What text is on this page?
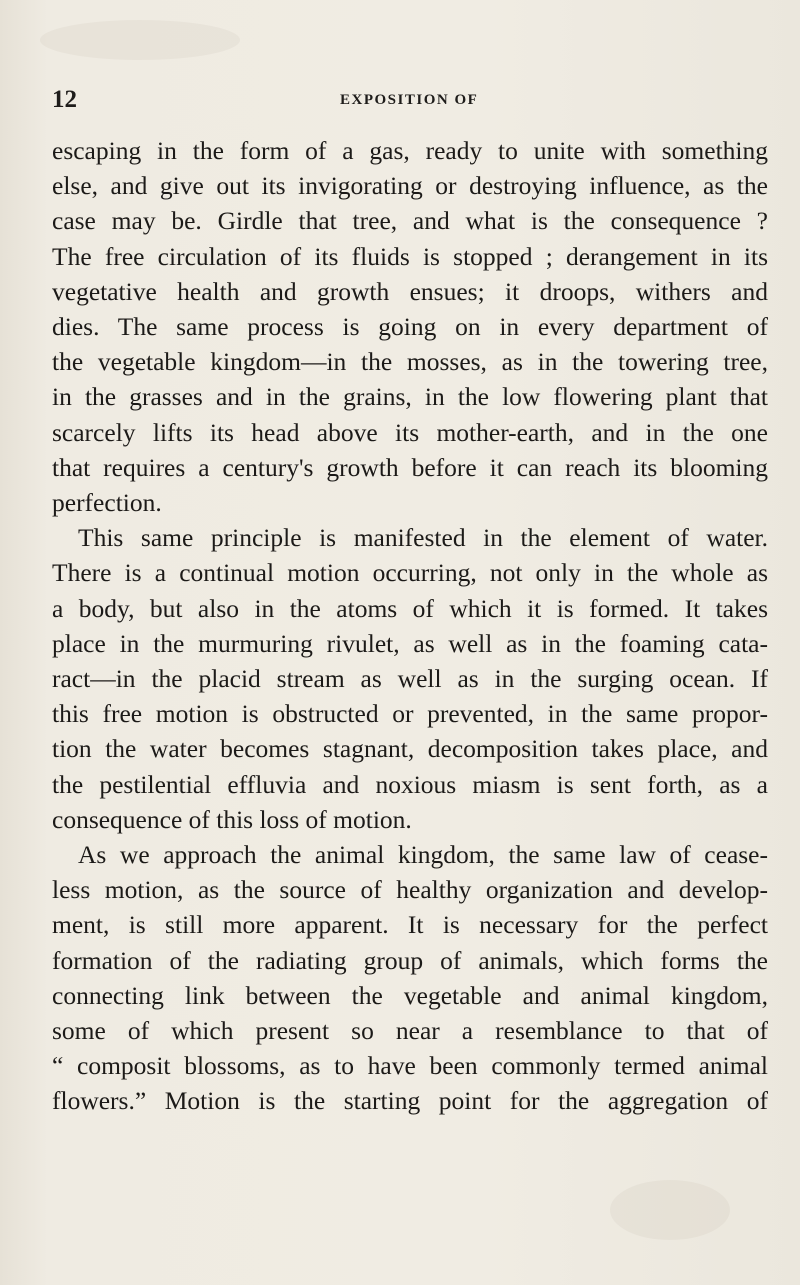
12	EXPOSITION OF
escaping in the form of a gas, ready to unite with something
else, and give out its invigorating or destroying influence, as the
case may be. Girdle that tree, and what is the consequence ?
The free circulation of its fluids is stopped ; derangement in its
vegetative health and growth ensues; it droops, withers and
dies. The same process is going on in every department of
the vegetable kingdom—in the mosses, as in the towering tree,
in the grasses and in the grains, in the low flowering plant that
scarcely lifts its head above its mother-earth, and in the one
that requires a century's growth before it can reach its blooming
perfection.
This same principle is manifested in the element of water.
There is a continual motion occurring, not only in the whole as
a body, but also in the atoms of which it is formed. It takes
place in the murmuring rivulet, as well as in the foaming cata-
ract—in the placid stream as well as in the surging ocean. If
this free motion is obstructed or prevented, in the same propor-
tion the water becomes stagnant, decomposition takes place, and
the pestilential effluvia and noxious miasm is sent forth, as a
consequence of this loss of motion.
As we approach the animal kingdom, the same law of cease-
less motion, as the source of healthy organization and develop-
ment, is still more apparent. It is necessary for the perfect
formation of the radiating group of animals, which forms the
connecting link between the vegetable and animal kingdom,
some of which present so near a resemblance to that of
“ composit blossoms, as to have been commonly termed animal
flowers.” Motion is the starting point for the aggregation of
